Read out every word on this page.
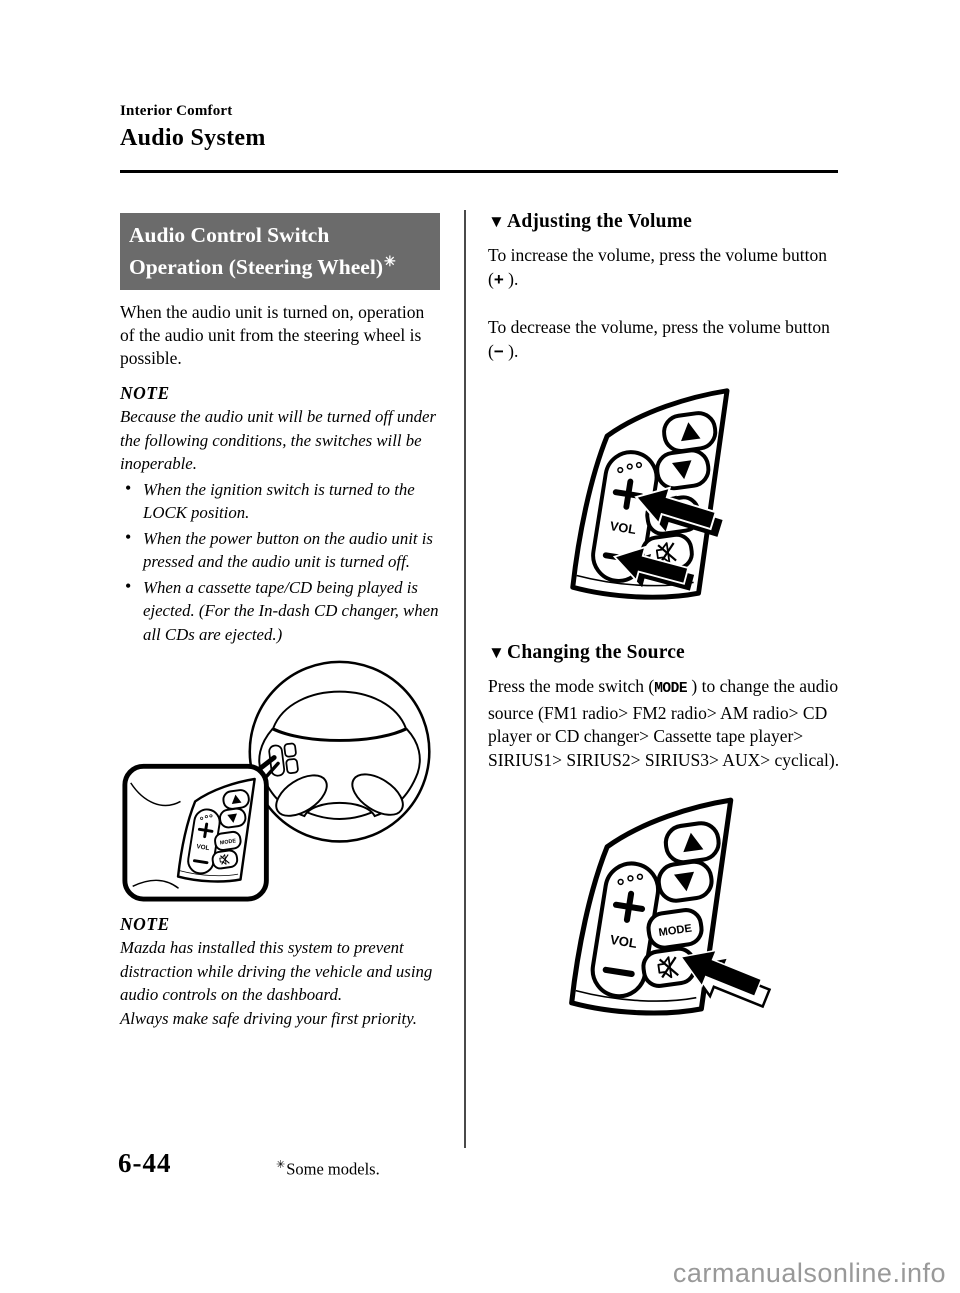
Interior Comfort
Audio System
Audio Control Switch
Operation (Steering Wheel)✳

When the audio unit is turned on, operation of the audio unit from the steering wheel is possible.

NOTE
Because the audio unit will be turned off under the following conditions, the switches will be inoperable.
• When the ignition switch is turned to the LOCK position.
• When the power button on the audio unit is pressed and the audio unit is turned off.
• When a cassette tape/CD being played is ejected. (For the In-dash CD changer, when all CDs are ejected.)
NOTE
Mazda has installed this system to prevent distraction while driving the vehicle and using audio controls on the dashboard.
Always make safe driving your first priority.
▼ Adjusting the Volume

To increase the volume, press the volume button (+ ).

To decrease the volume, press the volume button (− ).

▼ Changing the Source

Press the mode switch (MODE ) to change the audio source (FM1 radio> FM2 radio> AM radio> CD player or CD changer> Cassette tape player> SIRIUS1> SIRIUS2> SIRIUS3> AUX> cyclical).

6-44	✳Some models.
carmanualsonline.info
